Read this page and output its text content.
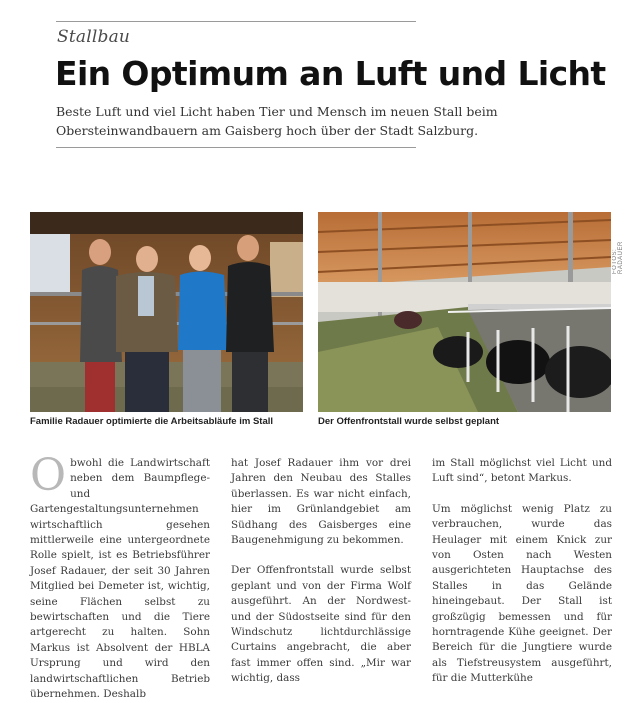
Stallbau
Ein Optimum an Luft und Licht

Beste Luft und viel Licht haben Tier und Mensch im neuen Stall beim Obersteinwandbauern am Gaisberg hoch über der Stadt Salzburg.

FOTOS: RADAUER
Familie Radauer optimierte die Arbeitsabläufe im Stall	Der Offenfrontstall wurde selbst geplant

Obwohl die Landwirtschaft neben dem Baumpflege- und Gartengestaltungsunternehmen wirtschaftlich gesehen mittlerweile eine untergeordnete Rolle spielt, ist es Betriebsführer Josef Radauer, der seit 30 Jahren Mitglied bei Demeter ist, wichtig, seine Flächen selbst zu bewirtschaften und die Tiere artgerecht zu halten. Sohn Markus ist Absolvent der HBLA Ursprung und wird den landwirtschaftlichen Betrieb übernehmen. Deshalb

hat Josef Radauer ihm vor drei Jahren den Neubau des Stalles überlassen. Es war nicht einfach, hier im Grünlandgebiet am Südhang des Gaisberges eine Baugenehmigung zu bekommen.

Der Offenfrontstall wurde selbst geplant und von der Firma Wolf ausgeführt. An der Nordwest- und der Südostseite sind für den Windschutz lichtdurchlässige Curtains angebracht, die aber fast immer offen sind. „Mir war wichtig, dass

im Stall möglichst viel Licht und Luft sind“, betont Markus.

Um möglichst wenig Platz zu verbrauchen, wurde das Heulager mit einem Knick zur von Osten nach Westen ausgerichteten Hauptachse des Stalles in das Gelände hineingebaut. Der Stall ist großzügig bemessen und für horntragende Kühe geeignet. Der Bereich für die Jungtiere wurde als Tiefstreusystem ausgeführt, für die Mutterkühe
